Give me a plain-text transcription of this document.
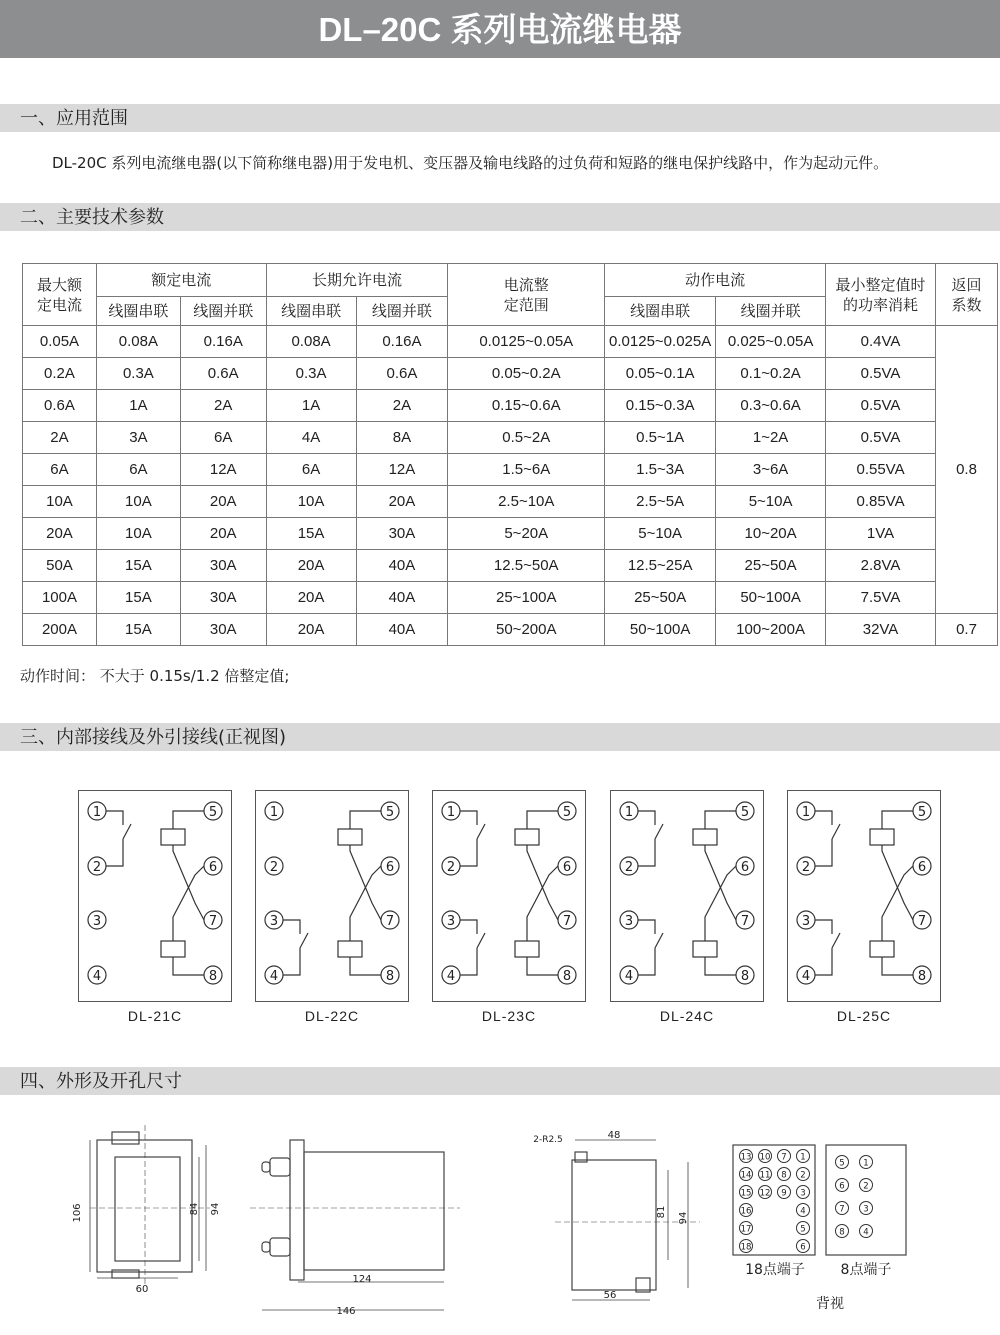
DL–20C 系列电流继电器
一、应用范围
DL-20C 系列电流继电器(以下简称继电器)用于发电机、变压器及输电线路的过负荷和短路的继电保护线路中，作为起动元件。
二、主要技术参数
最大额定电流	额定电流		长期允许电流		电流整定范围	动作电流		最小整定值时的功率消耗	返回系数

	线圈串联	线圈并联	线圈串联	线圈并联		线圈串联	线圈并联		
0.05A	0.08A	0.16A	0.08A	0.16A	0.0125~0.05A	0.0125~0.025A	0.025~0.05A	0.4VA	0.8
0.2A	0.3A	0.6A	0.3A	0.6A	0.05~0.2A	0.05~0.1A	0.1~0.2A	0.5VA	
0.6A	1A	2A	1A	2A	0.15~0.6A	0.15~0.3A	0.3~0.6A	0.5VA	
2A	3A	6A	4A	8A	0.5~2A	0.5~1A	1~2A	0.5VA	
6A	6A	12A	6A	12A	1.5~6A	1.5~3A	3~6A	0.55VA	
10A	10A	20A	10A	20A	2.5~10A	2.5~5A	5~10A	0.85VA	
20A	10A	20A	15A	30A	5~20A	5~10A	10~20A	1VA	
50A	15A	30A	20A	40A	12.5~50A	12.5~25A	25~50A	2.8VA	
100A	15A	30A	20A	40A	25~100A	25~50A	50~100A	7.5VA	
200A	15A	30A	20A	40A	50~200A	50~100A	100~200A	32VA	0.7
动作时间： 不大于 0.15s/1.2 倍整定值;
三、内部接线及外引接线(正视图)
1
2
3
4
5
6
7
8
DL-21C
1
2
3
4
5
6
7
8
DL-22C
1
2
3
4
5
6
7
8
DL-23C
1
2
3
4
5
6
7
8
DL-24C
1
2
3
4
5
6
7
8
DL-25C
四、外形及开孔尺寸
106	84 94
60
124
146
2-R2.5	48
81 94
56
13 10 7 1
14 11 8 2
15 12 9 3
16	4
17	5
18	6
5 1
6 2
7 3
8 4
18点端子	8点端子
背视
